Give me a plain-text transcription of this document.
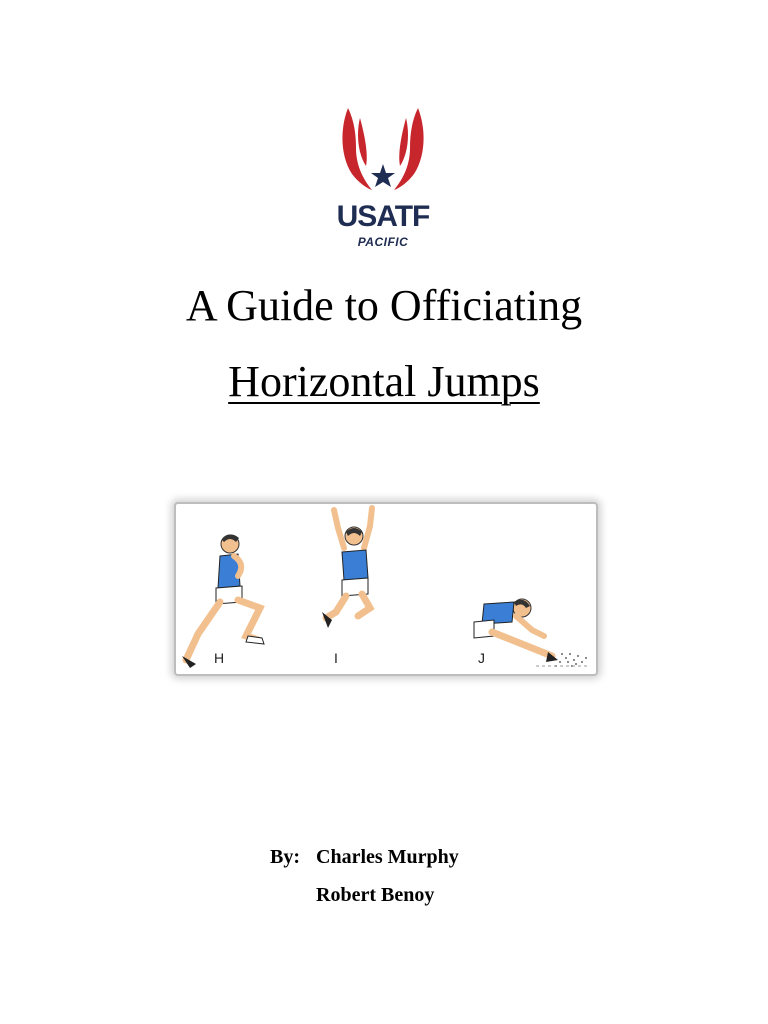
USATF
PACIFIC
A Guide to Officiating
Horizontal Jumps
H	I	J
By: Charles Murphy
Robert Benoy
